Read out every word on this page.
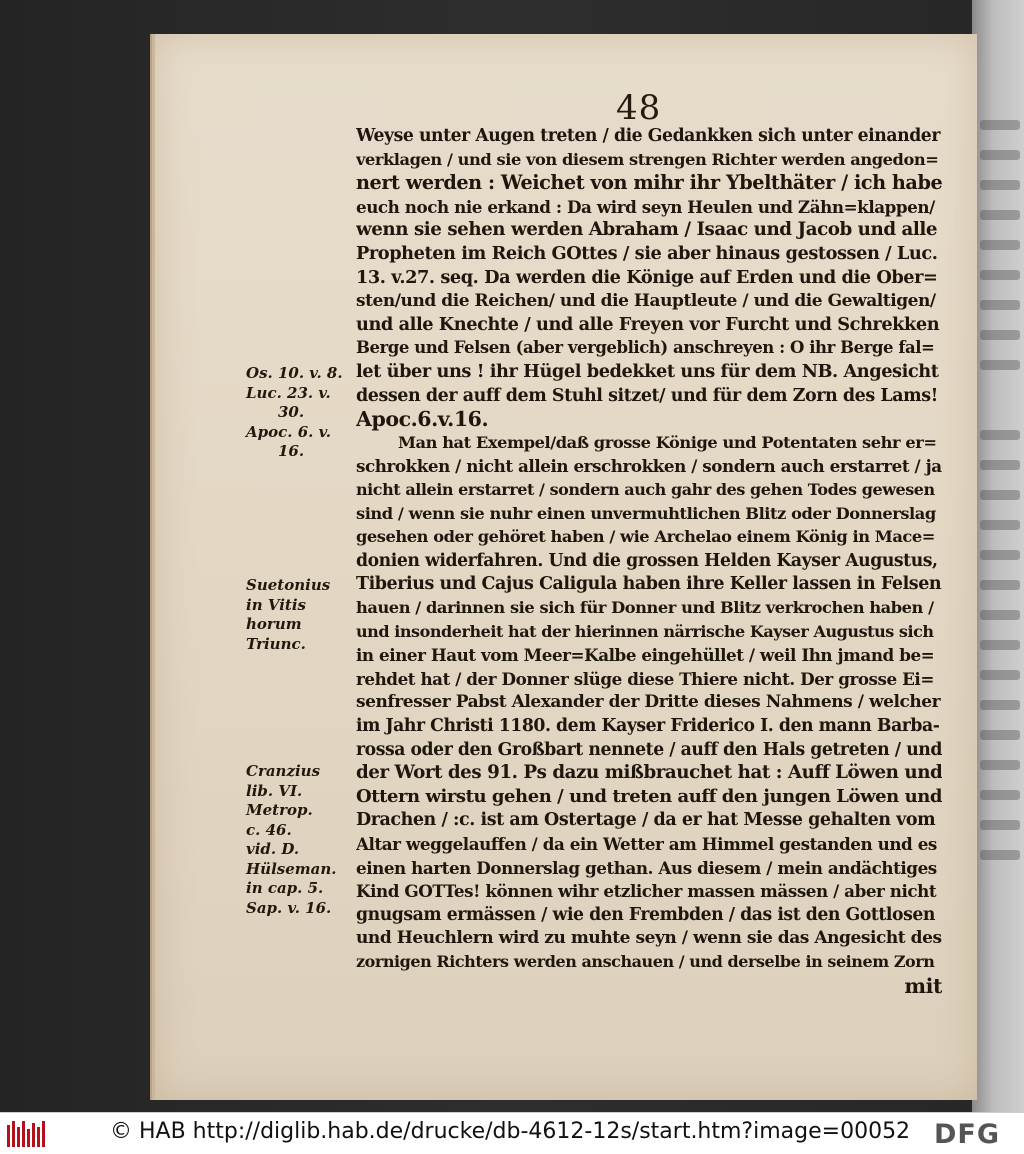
48
Weyse unter Augen treten / die Gedankken sich unter einander
verklagen / und sie von diesem strengen Richter werden angedon=
nert werden : Weichet von mihr ihr Ybelthäter / ich habe
euch noch nie erkand : Da wird seyn Heulen und Zähn=klappen/
wenn sie sehen werden Abraham / Isaac und Jacob und alle
Propheten im Reich GOttes / sie aber hinaus gestossen / Luc.
13. v.27. seq. Da werden die Könige auf Erden und die Ober=
sten/und die Reichen/ und die Hauptleute / und die Gewaltigen/
und alle Knechte / und alle Freyen vor Furcht und Schrekken
Berge und Felsen (aber vergeblich) anschreyen : O ihr Berge fal=
let über uns ! ihr Hügel bedekket uns für dem NB. Angesicht
dessen der auff dem Stuhl sitzet/ und für dem Zorn des Lams!
Apoc.6.v.16.
Man hat Exempel/daß grosse Könige und Potentaten sehr er=
schrokken / nicht allein erschrokken / sondern auch erstarret / ja
nicht allein erstarret / sondern auch gahr des gehen Todes gewesen
sind / wenn sie nuhr einen unvermuhtlichen Blitz oder Donnerslag
gesehen oder gehöret haben / wie Archelao einem König in Mace=
donien widerfahren. Und die grossen Helden Kayser Augustus,
Tiberius und Cajus Caligula haben ihre Keller lassen in Felsen
hauen / darinnen sie sich für Donner und Blitz verkrochen haben /
und insonderheit hat der hierinnen närrische Kayser Augustus sich
in einer Haut vom Meer=Kalbe eingehüllet / weil Ihn jmand be=
rehdet hat / der Donner slüge diese Thiere nicht. Der grosse Ei=
senfresser Pabst Alexander der Dritte dieses Nahmens / welcher
im Jahr Christi 1180. dem Kayser Friderico I. den mann Barba-
rossa oder den Großbart nennete / auff den Hals getreten / und
der Wort des 91. Ps dazu mißbrauchet hat : Auff Löwen und
Ottern wirstu gehen / und treten auff den jungen Löwen und
Drachen / :c. ist am Ostertage / da er hat Messe gehalten vom
Altar weggelauffen / da ein Wetter am Himmel gestanden und es
einen harten Donnerslag gethan. Aus diesem / mein andächtiges
Kind GOTTes! können wihr etzlicher massen mässen / aber nicht
gnugsam ermässen / wie den Frembden / das ist den Gottlosen
und Heuchlern wird zu muhte seyn / wenn sie das Angesicht des
zornigen Richters werden anschauen / und derselbe in seinem Zorn
mit
Os. 10. v. 8.
Luc. 23. v.
30.
Apoc. 6. v.
16.
Suetonius
in Vitis
horum
Triunc.
Cranzius
lib. VI.
Metrop.
c. 46.
vid. D.
Hülseman.
in cap. 5.
Sap. v. 16.
© HAB http://diglib.hab.de/drucke/db-4612-12s/start.htm?image=00052 DFG
